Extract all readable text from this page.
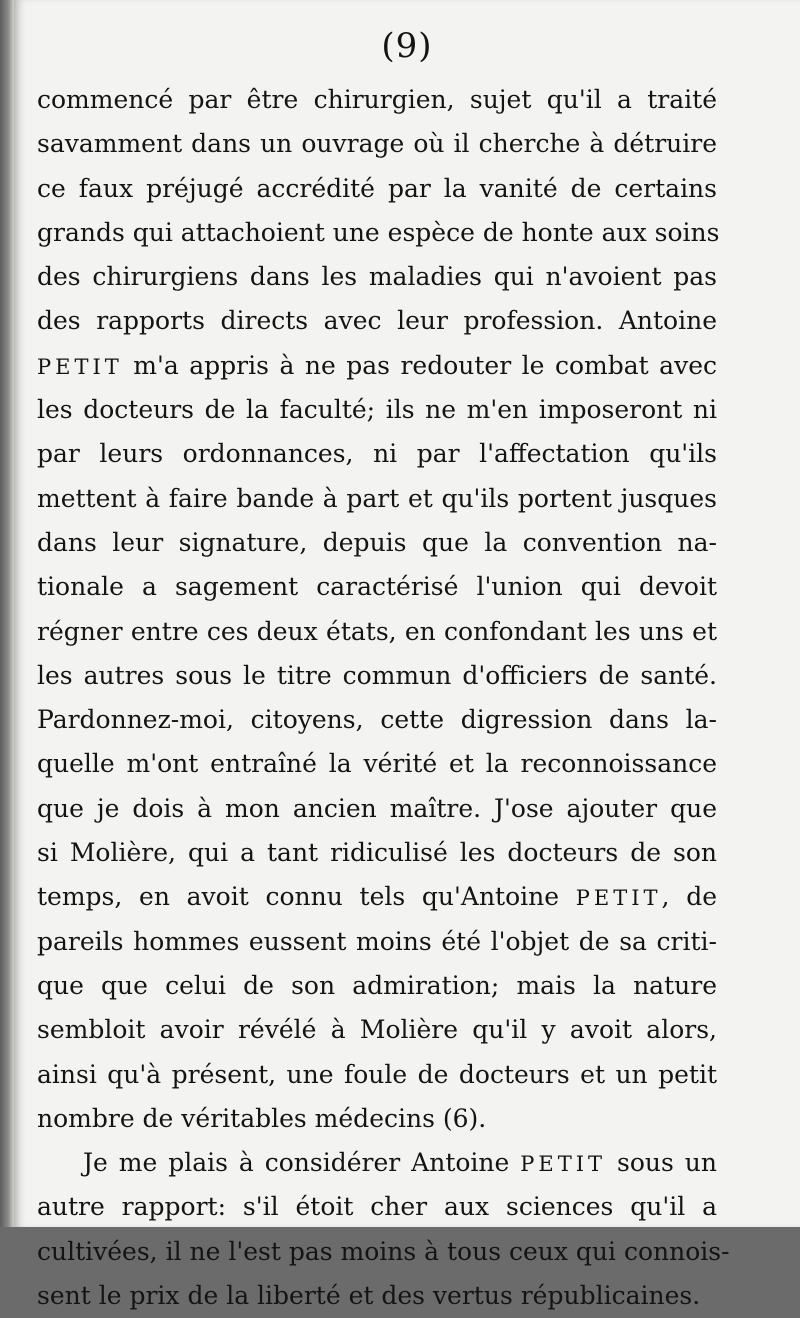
(9)
commencé par être chirurgien, sujet qu'il a traité
savamment dans un ouvrage où il cherche à détruire
ce faux préjugé accrédité par la vanité de certains
grands qui attachoient une espèce de honte aux soins
des chirurgiens dans les maladies qui n'avoient pas
des rapports directs avec leur profession. Antoine
PETIT m'a appris à ne pas redouter le combat avec
les docteurs de la faculté; ils ne m'en imposeront ni
par leurs ordonnances, ni par l'affectation qu'ils
mettent à faire bande à part et qu'ils portent jusques
dans leur signature, depuis que la convention na-
tionale a sagement caractérisé l'union qui devoit
régner entre ces deux états, en confondant les uns et
les autres sous le titre commun d'officiers de santé.
Pardonnez-moi, citoyens, cette digression dans la-
quelle m'ont entraîné la vérité et la reconnoissance
que je dois à mon ancien maître. J'ose ajouter que
si Molière, qui a tant ridiculisé les docteurs de son
temps, en avoit connu tels qu'Antoine PETIT, de
pareils hommes eussent moins été l'objet de sa criti-
que que celui de son admiration; mais la nature
sembloit avoir révélé à Molière qu'il y avoit alors,
ainsi qu'à présent, une foule de docteurs et un petit
nombre de véritables médecins (6).
Je me plais à considérer Antoine PETIT sous un
autre rapport: s'il étoit cher aux sciences qu'il a
cultivées, il ne l'est pas moins à tous ceux qui connois-
sent le prix de la liberté et des vertus républicaines.
